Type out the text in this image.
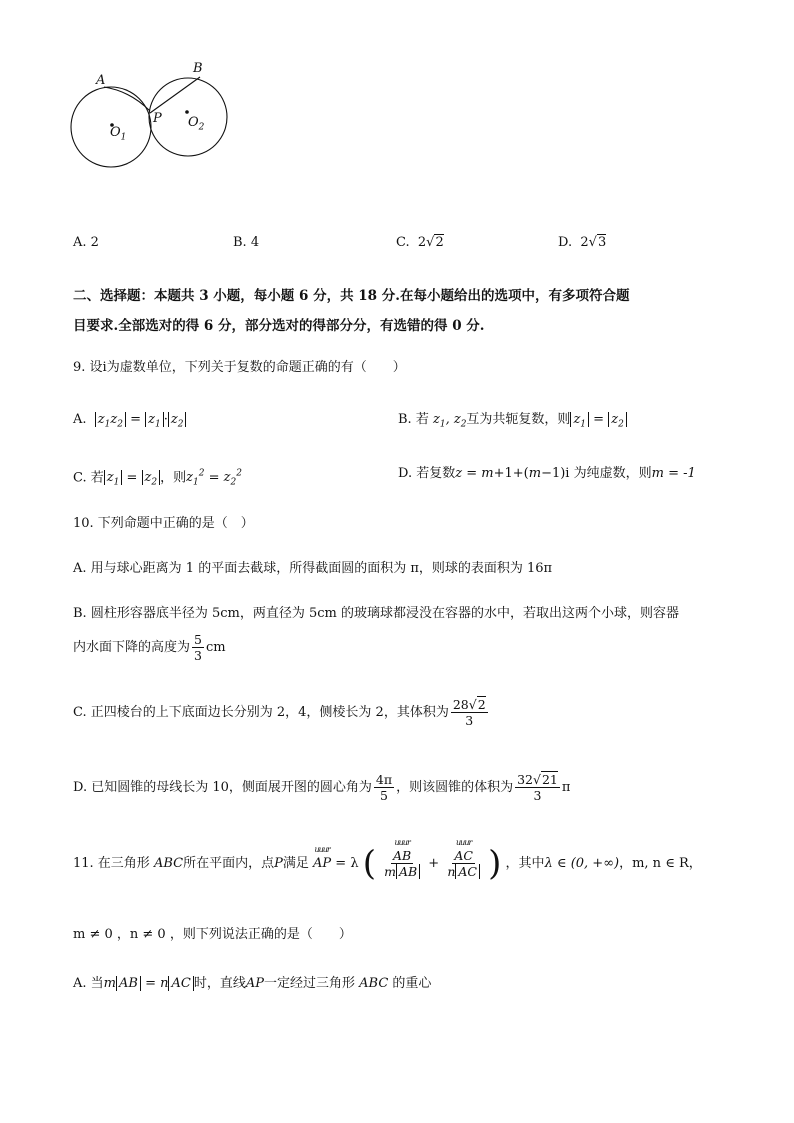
A
B
P
$O_1$
$O_2$
A. 2	B. 4	C. 2√2	D. 2√3
二、选择题：本题共 3 小题，每小题 6 分，共 18 分.在每小题给出的选项中，有多项符合题
目要求.全部选对的得 6 分，部分选对的得部分分，有选错的得 0 分.
9. 设i为虚数单位，下列关于复数的命题正确的有（　　）
A. $z_1z_2 = z_1 \cdot z_2$	B. 若 $z_1$, $z_2$互为共轭复数，则 $z_1 = z_2$
C. 若 $z_1 = z_2$ ，则$z_1^2 = z_2^2$	D. 若复数z = m+1+(m−1)i 为纯虚数，则m = -1
10. 下列命题中正确的是（　）
A. 用与球心距离为 1 的平面去截球，所得截面圆的面积为 π，则球的表面积为 16π
B. 圆柱形容器底半径为 5cm，两直径为 5cm 的玻璃球都浸没在容器的水中，若取出这两个小球，则容器
内水面下降的高度为 $\frac{5}{3}$ cm
C. 正四棱台的上下底面边长分别为 2，4，侧棱长为 2，其体积为 $\frac{28√2}{3}$
D. 已知圆锥的母线长为 10，侧面展开图的圆心角为 $\frac{4\pi}{5}$ ，则该圆锥的体积为 $\frac{32√21}{3}$ π
11. 在三角形 ABC所在平面内，点P满足
uuur
AP = λ ( uuur
AB
m AB + uuur
AC
n AC ) ，其中λ ∈ (0, +∞)，m, n ∈ R，
m ≠ 0 ，n ≠ 0 ，则下列说法正确的是（　　）
A. 当m AB = n AC 时，直线AP一定经过三角形 ABC 的重心
